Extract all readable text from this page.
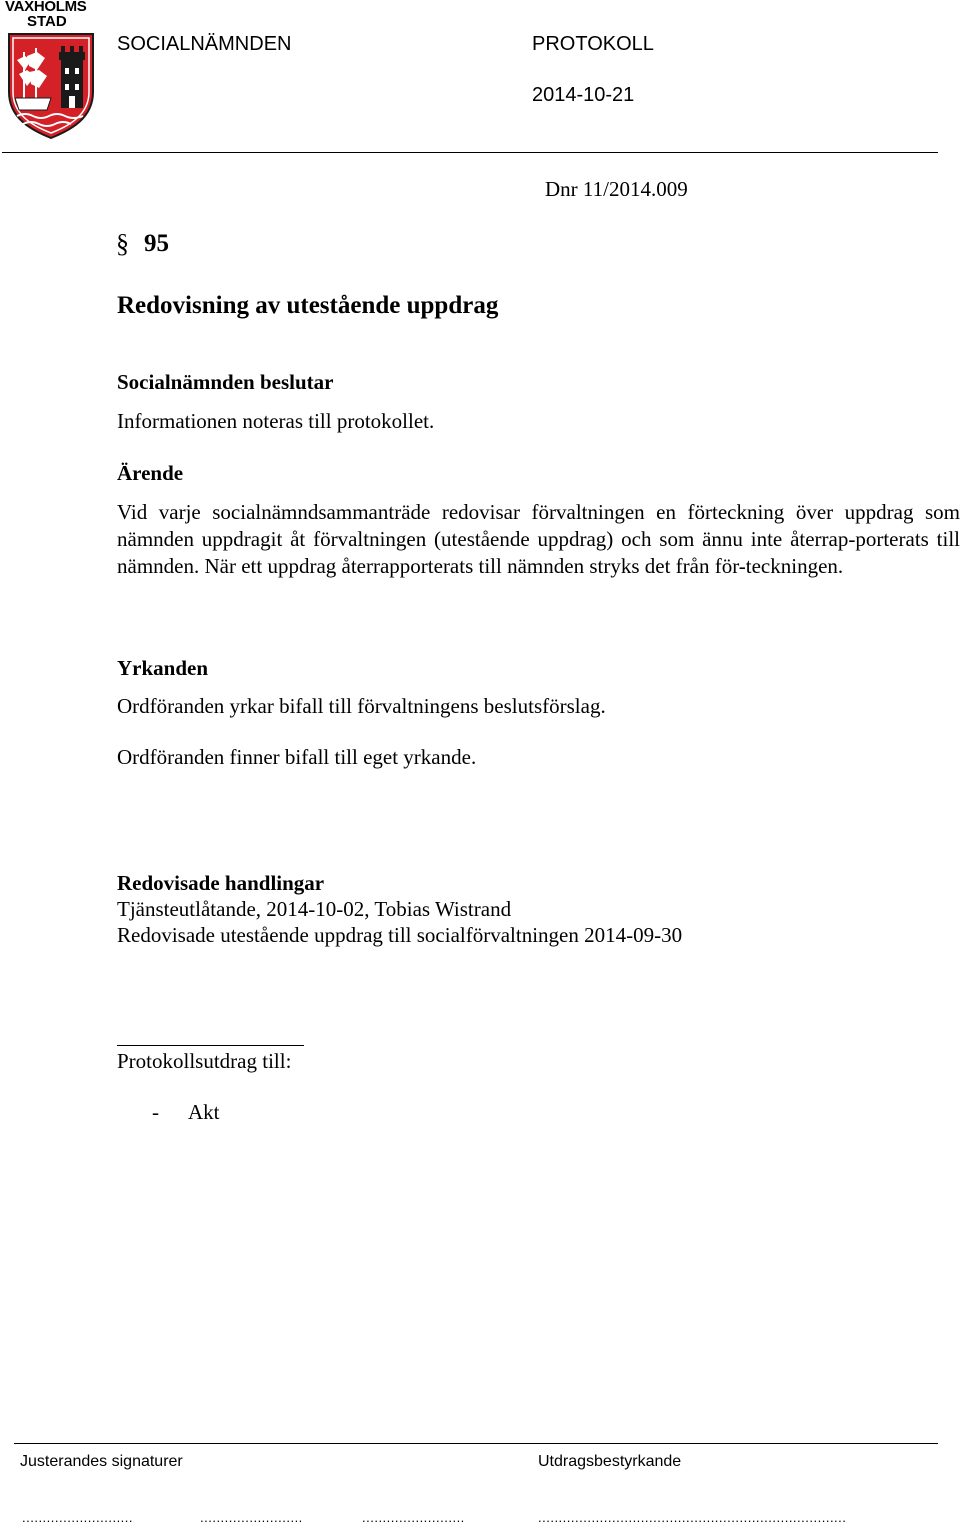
VAXHOLMS
STAD
SOCIALNÄMNDEN	PROTOKOLL
2014-10-21
Dnr 11/2014.009
§ 95
Redovisning av utestående uppdrag
Socialnämnden beslutar
Informationen noteras till protokollet.
Ärende
Vid varje socialnämndsammanträde redovisar förvaltningen en förteckning över uppdrag som nämnden uppdragit åt förvaltningen (utestående uppdrag) och som ännu inte återrap-porterats till nämnden. När ett uppdrag återrapporterats till nämnden stryks det från för-teckningen.
Yrkanden
Ordföranden yrkar bifall till förvaltningens beslutsförslag.
Ordföranden finner bifall till eget yrkande.
Redovisade handlingar
Tjänsteutlåtande, 2014-10-02, Tobias Wistrand
Redovisade utestående uppdrag till socialförvaltningen 2014-09-30
Protokollsutdrag till:
- Akt
Justerandes signaturer	Utdragsbestyrkande
...........................	.........................	.........................	...........................................................................
